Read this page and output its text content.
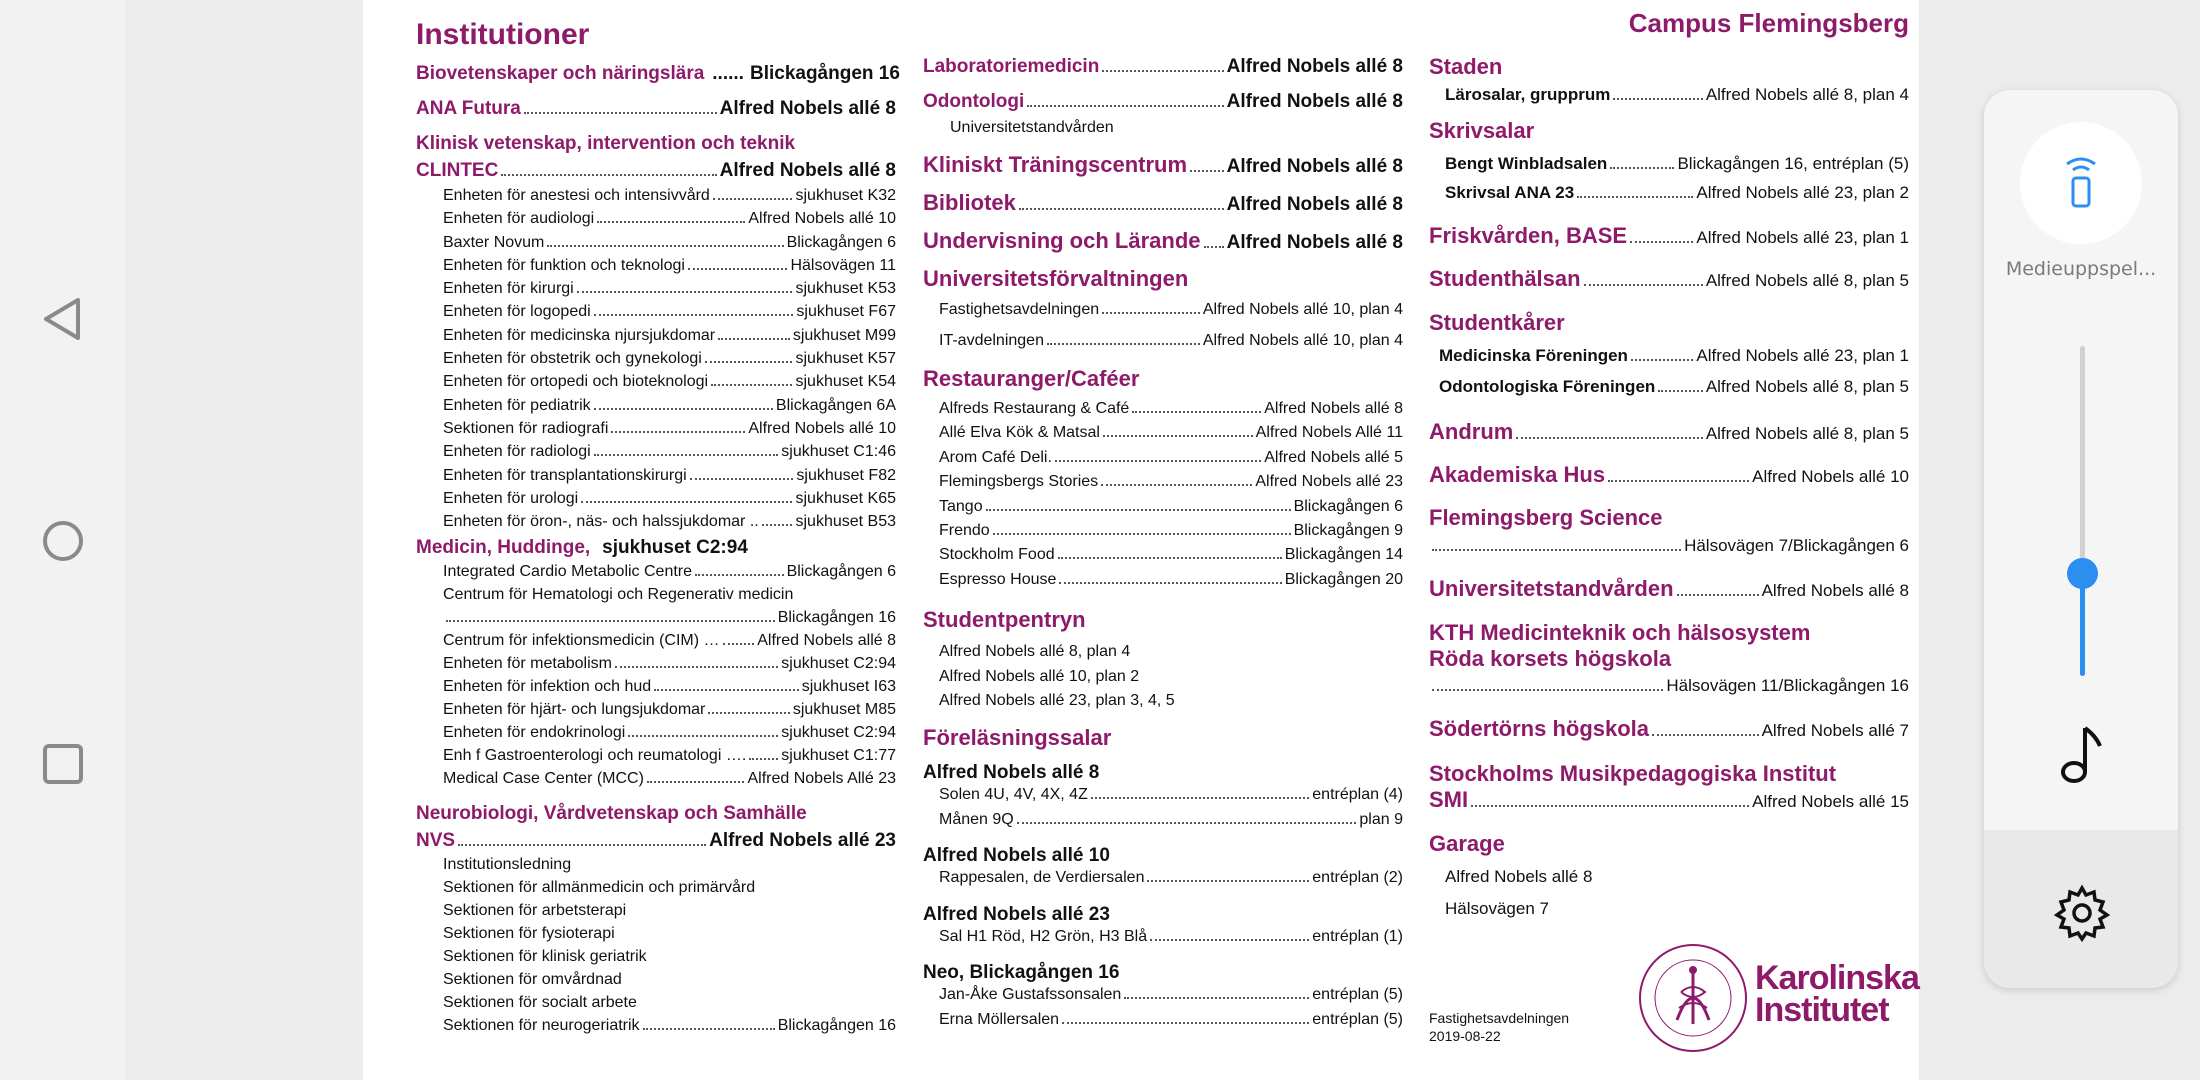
Institutioner
Biovetenskaper och näringslära ...... Blickagången 16
ANA Futura	Alfred Nobels allé 8
Klinisk vetenskap, intervention och teknik
CLINTEC	Alfred Nobels allé 8
Enheten för anestesi och intensivvård	sjukhuset K32
Enheten för audiologi	Alfred Nobels allé 10
Baxter Novum	Blickagången 6
Enheten för funktion och teknologi	Hälsovägen 11
Enheten för kirurgi	sjukhuset K53
Enheten för logopedi	sjukhuset F67
Enheten för medicinska njursjukdomar	sjukhuset M99
Enheten för obstetrik och gynekologi	sjukhuset K57
Enheten för ortopedi och bioteknologi	sjukhuset K54
Enheten för pediatrik	Blickagången 6A
Sektionen för radiografi	Alfred Nobels allé 10
Enheten för radiologi	sjukhuset C1:46
Enheten för transplantationskirurgi	sjukhuset F82
Enheten för urologi	sjukhuset K65
Enheten för öron-, näs- och halssjukdomar .. sjukhuset B53
Medicin, Huddinge, sjukhuset C2:94
Integrated Cardio Metabolic Centre	Blickagången 6
Centrum för Hematologi och Regenerativ medicin
Blickagången 16
Centrum för infektionsmedicin (CIM) … Alfred Nobels allé 8
Enheten för metabolism	sjukhuset C2:94
Enheten för infektion och hud	sjukhuset I63
Enheten för hjärt- och lungsjukdomar	sjukhuset M85
Enheten för endokrinologi	sjukhuset C2:94
Enh f Gastroenterologi och reumatologi …. sjukhuset C1:77
Medical Case Center (MCC)	Alfred Nobels Allé 23
Neurobiologi, Vårdvetenskap och Samhälle
NVS	Alfred Nobels allé 23
Institutionsledning
Sektionen för allmänmedicin och primärvård
Sektionen för arbetsterapi
Sektionen för fysioterapi
Sektionen för klinisk geriatrik
Sektionen för omvårdnad
Sektionen för socialt arbete
Sektionen för neurogeriatrik	Blickagången 16
Laboratoriemedicin	Alfred Nobels allé 8
Odontologi	Alfred Nobels allé 8
Universitetstandvården
Kliniskt Träningscentrum Alfred Nobels allé 8
Bibliotek	Alfred Nobels allé 8
Undervisning och Lärande Alfred Nobels allé 8
Universitetsförvaltningen
Fastighetsavdelningen	Alfred Nobels allé 10, plan 4
IT-avdelningen	Alfred Nobels allé 10, plan 4
Restauranger/Caféer
Alfreds Restaurang & Café	Alfred Nobels allé 8
Allé Elva Kök & Matsal	Alfred Nobels Allé 11
Arom Café Deli.	Alfred Nobels allé 5
Flemingsbergs Stories	Alfred Nobels allé 23
Tango	Blickagången 6
Frendo	Blickagången 9
Stockholm Food	Blickagången 14
Espresso House	Blickagången 20
Studentpentryn
Alfred Nobels allé 8, plan 4
Alfred Nobels allé 10, plan 2
Alfred Nobels allé 23, plan 3, 4, 5
Föreläsningssalar
Alfred Nobels allé 8
Solen 4U, 4V, 4X, 4Z	entréplan (4)
Månen 9Q	plan 9
Alfred Nobels allé 10
Rappesalen, de Verdiersalen	entréplan (2)
Alfred Nobels allé 23
Sal H1 Röd, H2 Grön, H3 Blå	entréplan (1)
Neo, Blickagången 16
Jan-Åke Gustafssonsalen	entréplan (5)
Erna Möllersalen	entréplan (5)
Campus Flemingsberg
Staden
Lärosalar, grupprum	Alfred Nobels allé 8, plan 4
Skrivsalar
Bengt Winbladsalen	Blickagången 16, entréplan (5)
Skrivsal ANA 23	Alfred Nobels allé 23, plan 2
Friskvården, BASE	Alfred Nobels allé 23, plan 1
Studenthälsan	Alfred Nobels allé 8, plan 5
Studentkårer
Medicinska Föreningen	Alfred Nobels allé 23, plan 1
Odontologiska Föreningen	Alfred Nobels allé 8, plan 5
Andrum	Alfred Nobels allé 8, plan 5
Akademiska Hus	Alfred Nobels allé 10
Flemingsberg Science
Hälsovägen 7/Blickagången 6
Universitetstandvården	Alfred Nobels allé 8
KTH Medicinteknik och hälsosystem
Röda korsets högskola
Hälsovägen 11/Blickagången 16
Södertörns högskola	Alfred Nobels allé 7
Stockholms Musikpedagogiska Institut
SMI	Alfred Nobels allé 15
Garage
Alfred Nobels allé 8
Hälsovägen 7
Fastighetsavdelningen
2019-08-22
Karolinska
Institutet
Medieuppspel...
